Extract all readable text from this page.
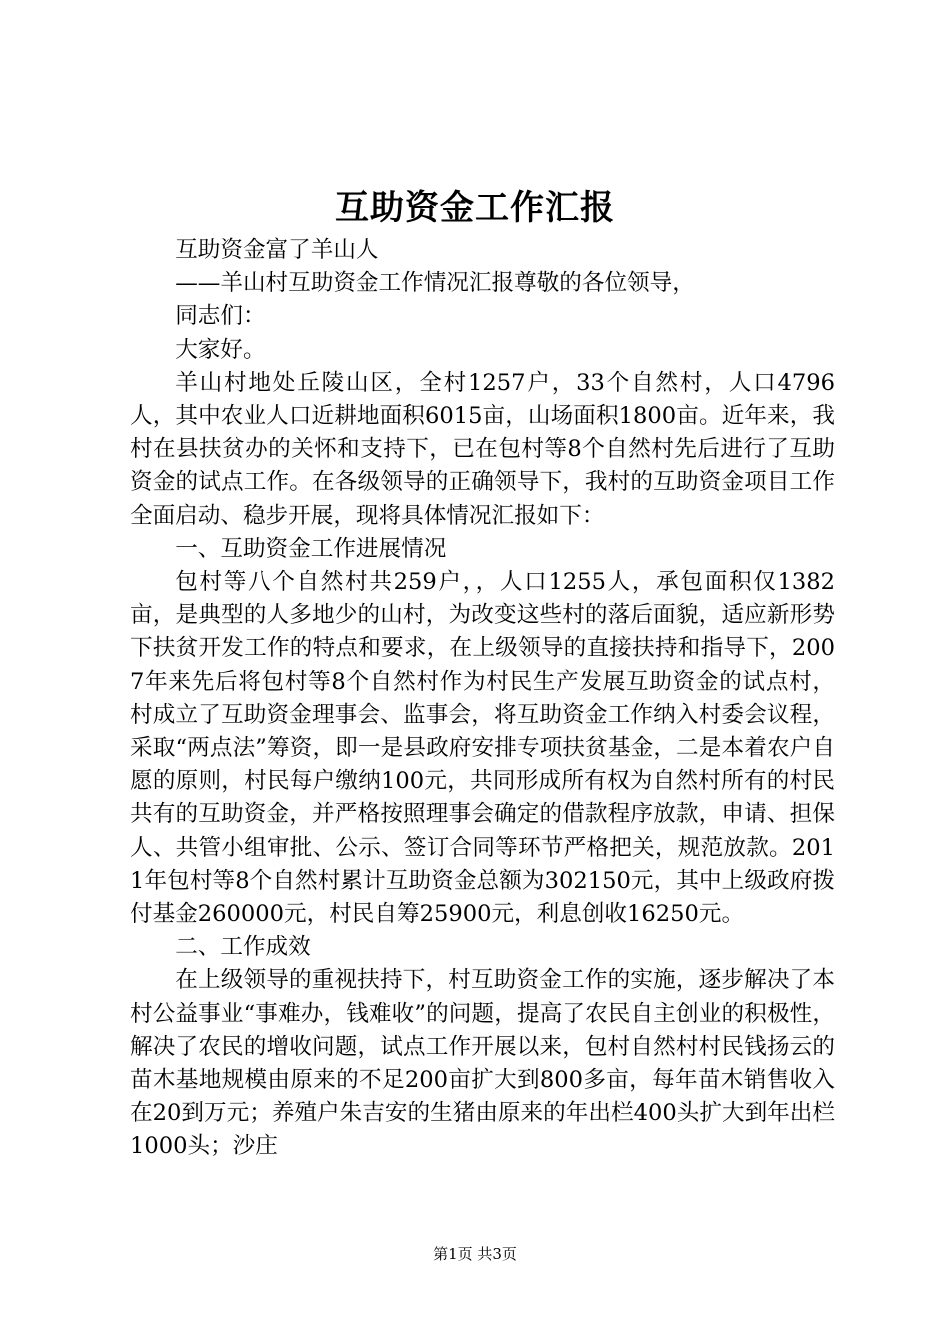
互助资金工作汇报

互助资金富了羊山人

——羊山村互助资金工作情况汇报尊敬的各位领导，

同志们：

大家好。

羊山村地处丘陵山区，全村1257户，33个自然村，人口4796人，其中农业人口近耕地面积6015亩，山场面积1800亩。近年来，我村在县扶贫办的关怀和支持下，已在包村等8个自然村先后进行了互助资金的试点工作。在各级领导的正确领导下，我村的互助资金项目工作全面启动、稳步开展，现将具体情况汇报如下：

一、互助资金工作进展情况

包村等八个自然村共259户，，人口1255人，承包面积仅1382亩，是典型的人多地少的山村，为改变这些村的落后面貌，适应新形势下扶贫开发工作的特点和要求，在上级领导的直接扶持和指导下，2007年来先后将包村等8个自然村作为村民生产发展互助资金的试点村，村成立了互助资金理事会、监事会，将互助资金工作纳入村委会议程，采取“两点法”筹资，即一是县政府安排专项扶贫基金，二是本着农户自愿的原则，村民每户缴纳100元，共同形成所有权为自然村所有的村民共有的互助资金，并严格按照理事会确定的借款程序放款，申请、担保人、共管小组审批、公示、签订合同等环节严格把关，规范放款。2011年包村等8个自然村累计互助资金总额为302150元，其中上级政府拨付基金260000元，村民自筹25900元，利息创收16250元。

二、工作成效

在上级领导的重视扶持下，村互助资金工作的实施，逐步解决了本村公益事业“事难办，钱难收”的问题，提高了农民自主创业的积极性，解决了农民的增收问题，试点工作开展以来，包村自然村村民钱扬云的苗木基地规模由原来的不足200亩扩大到800多亩，每年苗木销售收入在20到万元；养殖户朱吉安的生猪由原来的年出栏400头扩大到年出栏1000头；沙庄

第1页 共3页
